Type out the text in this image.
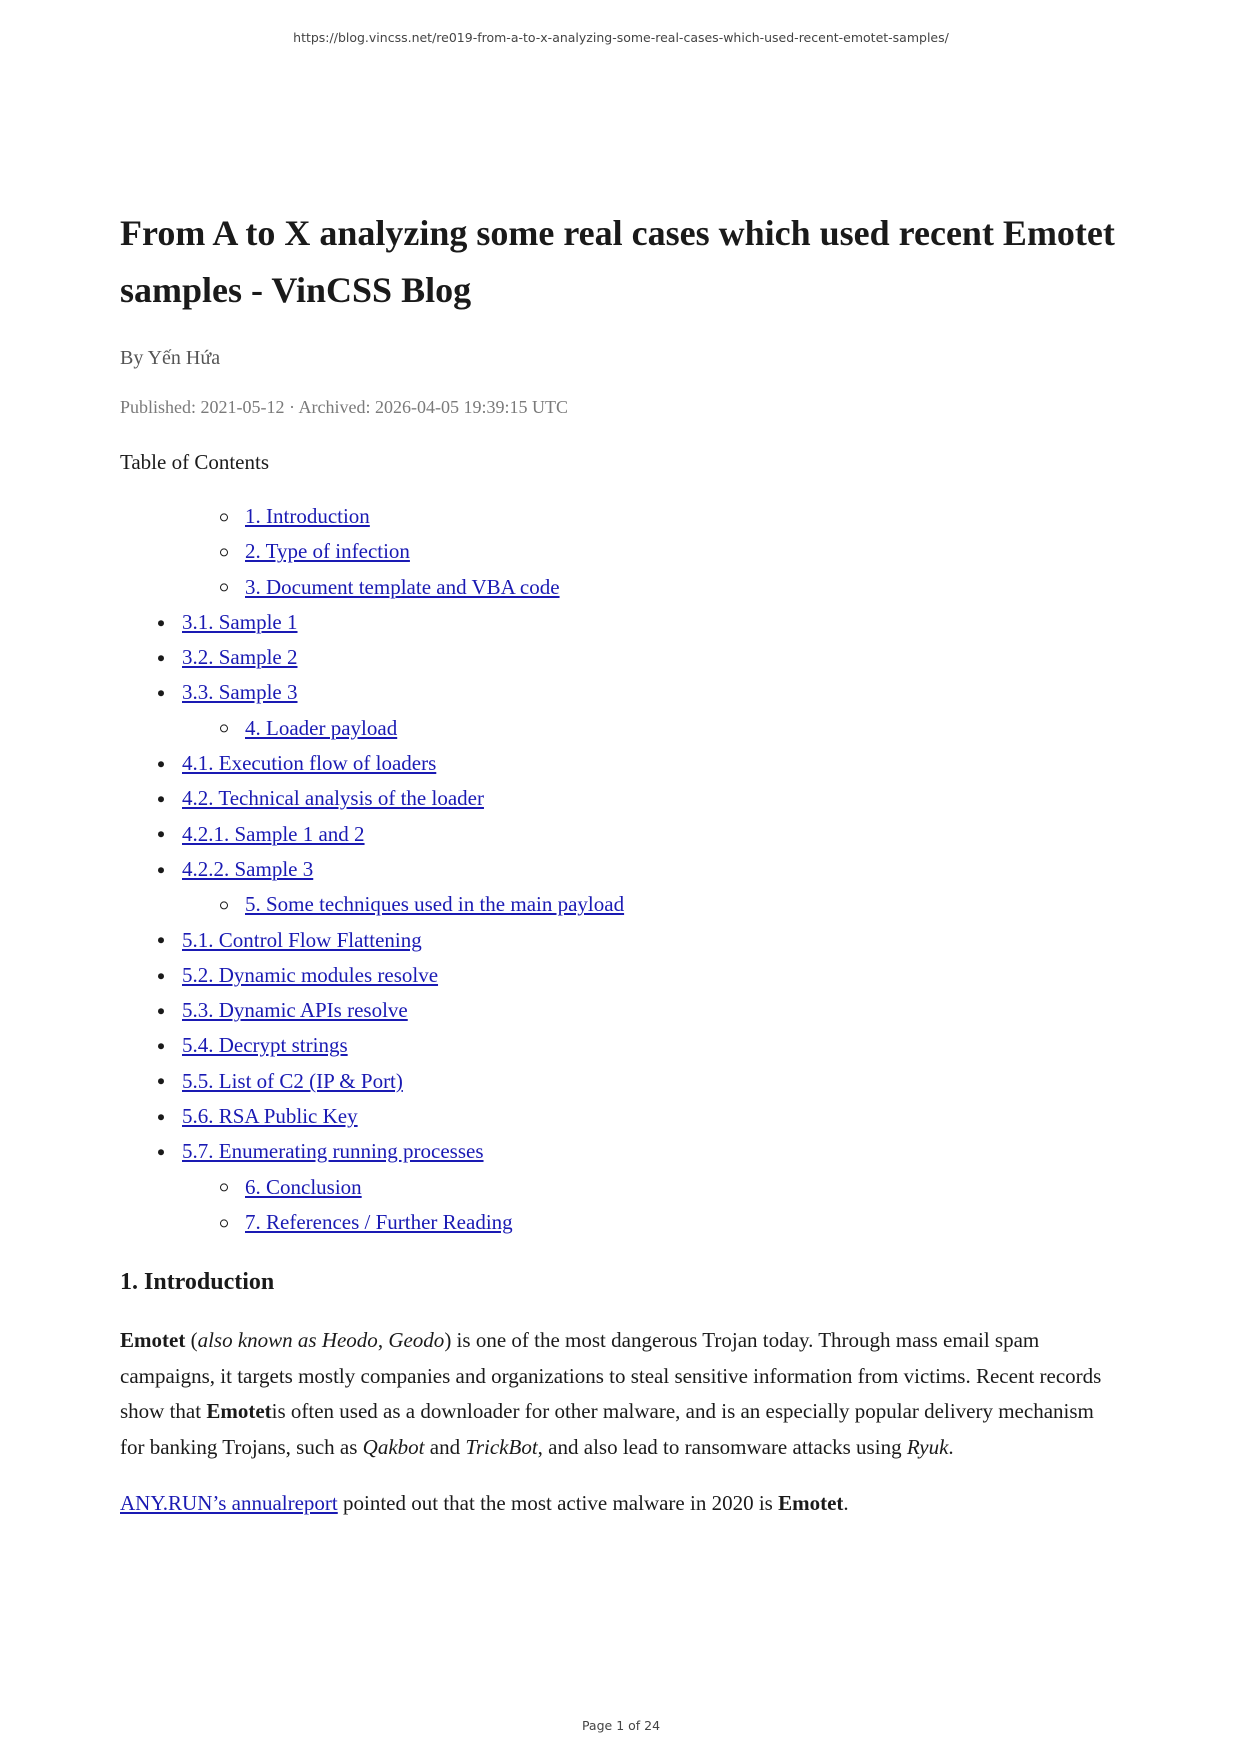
https://blog.vincss.net/re019-from-a-to-x-analyzing-some-real-cases-which-used-recent-emotet-samples/
From A to X analyzing some real cases which used recent Emotet samples - VinCSS Blog
By Yến Hứa
Published: 2021-05-12 · Archived: 2026-04-05 19:39:15 UTC
Table of Contents
1. Introduction
2. Type of infection
3. Document template and VBA code
3.1. Sample 1
3.2. Sample 2
3.3. Sample 3
4. Loader payload
4.1. Execution flow of loaders
4.2. Technical analysis of the loader
4.2.1. Sample 1 and 2
4.2.2. Sample 3
5. Some techniques used in the main payload
5.1. Control Flow Flattening
5.2. Dynamic modules resolve
5.3. Dynamic APIs resolve
5.4. Decrypt strings
5.5. List of C2 (IP & Port)
5.6. RSA Public Key
5.7. Enumerating running processes
6. Conclusion
7. References / Further Reading
1. Introduction

Emotet (also known as Heodo, Geodo) is one of the most dangerous Trojan today. Through mass email spam campaigns, it targets mostly companies and organizations to steal sensitive information from victims. Recent records show that Emotetis often used as a downloader for other malware, and is an especially popular delivery mechanism for banking Trojans, such as Qakbot and TrickBot, and also lead to ransomware attacks using Ryuk.

ANY.RUN’s annualreport pointed out that the most active malware in 2020 is Emotet.

Page 1 of 24
